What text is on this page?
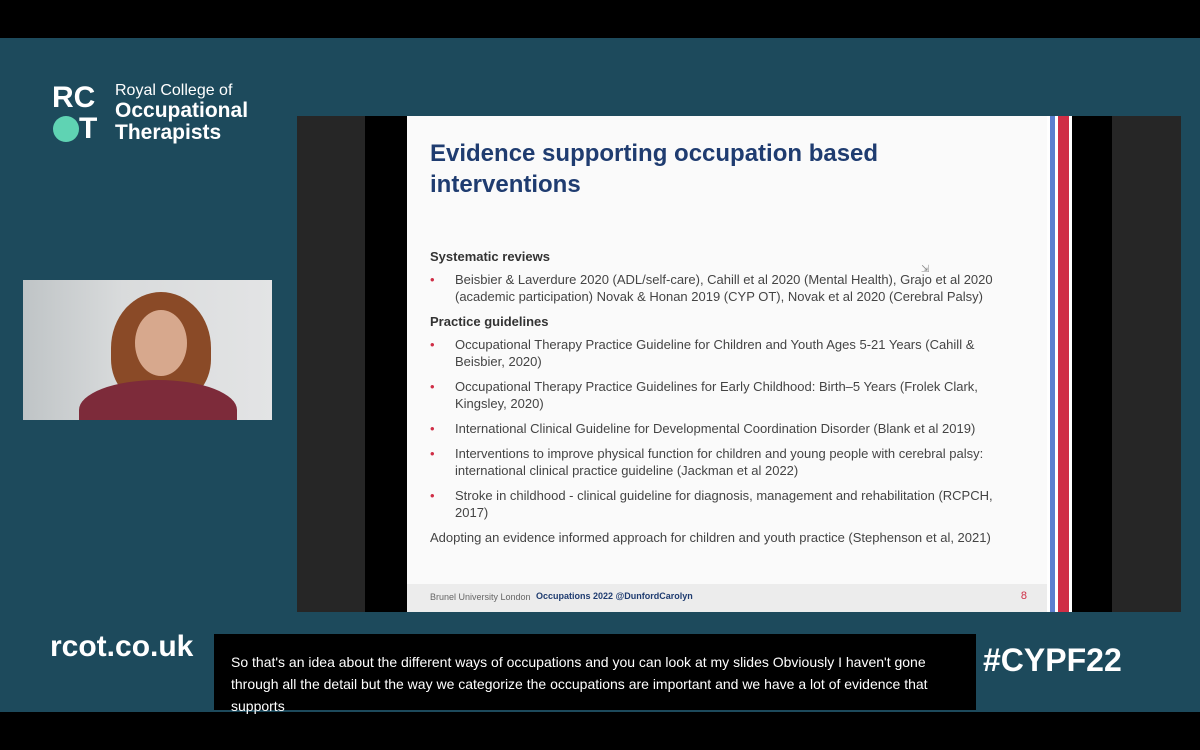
RC
T
Royal College of
Occupational
Therapists
rcot.co.uk	#CYPF22
Evidence supporting occupation based interventions
⇲
Systematic reviews
• Beisbier & Laverdure 2020 (ADL/self-care), Cahill et al 2020 (Mental Health), Grajo et al 2020 (academic participation) Novak & Honan 2019 (CYP OT), Novak et al 2020 (Cerebral Palsy)
Practice guidelines
• Occupational Therapy Practice Guideline for Children and Youth Ages 5-21 Years (Cahill & Beisbier, 2020)
• Occupational Therapy Practice Guidelines for Early Childhood: Birth–5 Years (Frolek Clark, Kingsley, 2020)
• International Clinical Guideline for Developmental Coordination Disorder (Blank et al 2019)
• Interventions to improve physical function for children and young people with cerebral palsy: international clinical practice guideline (Jackman et al 2022)
• Stroke in childhood - clinical guideline for diagnosis, management and rehabilitation (RCPCH, 2017)
Adopting an evidence informed approach for children and youth practice (Stephenson et al, 2021)
Brunel University London Occupations 2022 @DunfordCarolyn	8
So that's an idea about the different ways of occupations and you can look at my slides Obviously I haven't gone through all the detail but the way we categorize the occupations are important and we have a lot of evidence that supports
